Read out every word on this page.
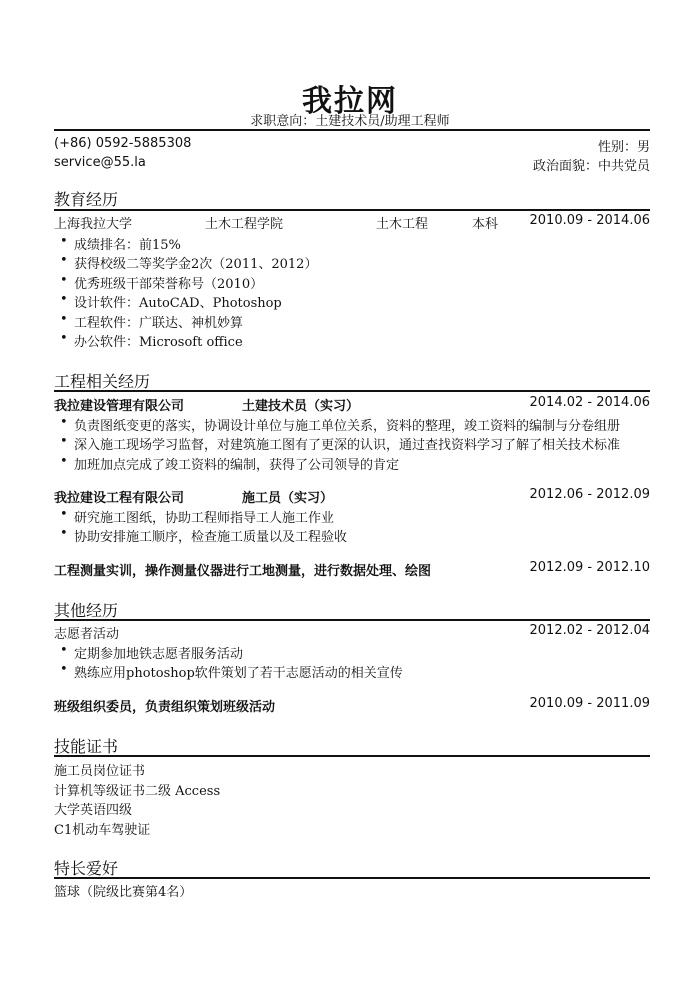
我拉网
求职意向：土建技术员/助理工程师
(+86) 0592-5885308	性别：男
service@55.la	政治面貌：中共党员
教育经历
上海我拉大学	土木工程学院	土木工程	本科 2010.09 - 2014.06
• 成绩排名：前15%
• 获得校级二等奖学金2次（2011、2012）
• 优秀班级干部荣誉称号（2010）
• 设计软件：AutoCAD、Photoshop
• 工程软件：广联达、神机妙算
• 办公软件：Microsoft office
工程相关经历
我拉建设管理有限公司	土建技术员（实习）	2014.02 - 2014.06
• 负责图纸变更的落实，协调设计单位与施工单位关系，资料的整理，竣工资料的编制与分卷组册
• 深入施工现场学习监督，对建筑施工图有了更深的认识，通过查找资料学习了解了相关技术标准
• 加班加点完成了竣工资料的编制，获得了公司领导的肯定
我拉建设工程有限公司	施工员（实习）	2012.06 - 2012.09
• 研究施工图纸，协助工程师指导工人施工作业
• 协助安排施工顺序，检查施工质量以及工程验收
工程测量实训，操作测量仪器进行工地测量，进行数据处理、绘图	2012.09 - 2012.10
其他经历
志愿者活动	2012.02 - 2012.04
• 定期参加地铁志愿者服务活动
• 熟练应用photoshop软件策划了若干志愿活动的相关宣传
班级组织委员，负责组织策划班级活动	2010.09 - 2011.09
技能证书
施工员岗位证书
计算机等级证书二级 Access
大学英语四级
C1机动车驾驶证
特长爱好
篮球（院级比赛第4名）
